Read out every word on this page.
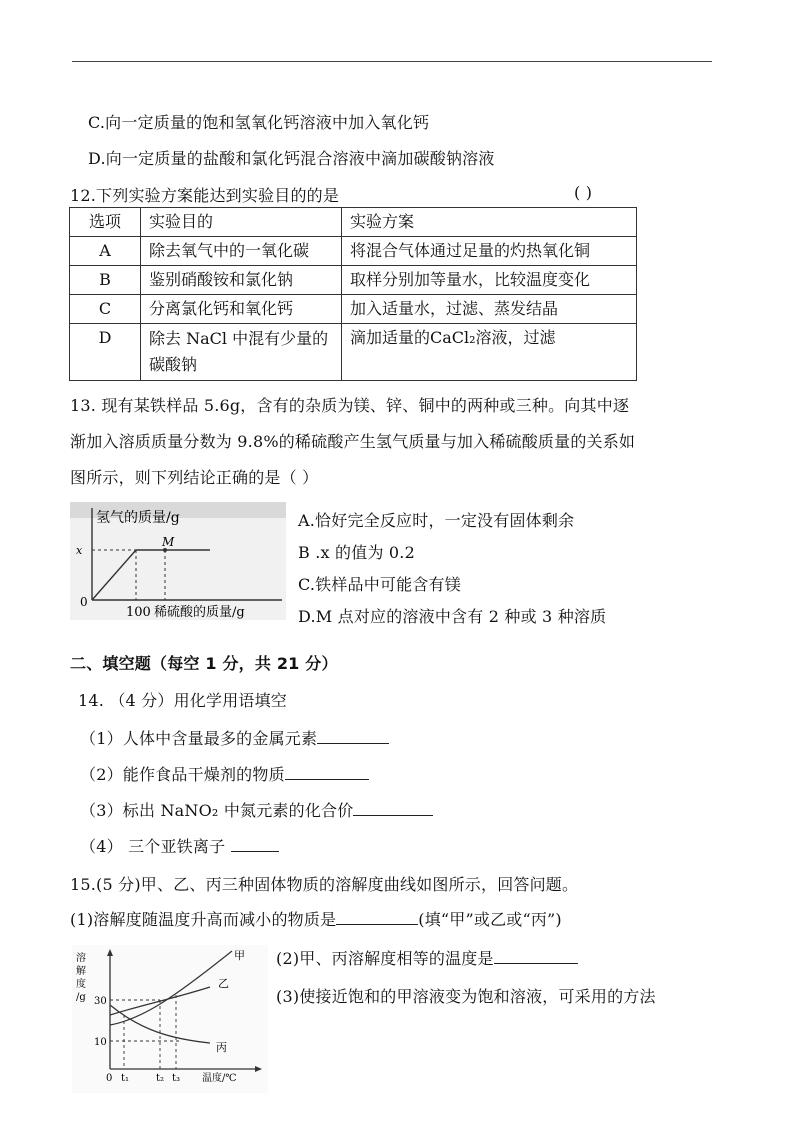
C.向一定质量的饱和氢氧化钙溶液中加入氧化钙
D.向一定质量的盐酸和氯化钙混合溶液中滴加碳酸钠溶液
12.下列实验方案能达到实验目的的是	( )
选项	实验目的	实验方案
A	除去氧气中的一氧化碳	将混合气体通过足量的灼热氧化铜
B	鉴别硝酸铵和氯化钠	取样分别加等量水，比较温度变化
C	分离氯化钙和氧化钙	加入适量水，过滤、蒸发结晶
D	除去 NaCl 中混有少量的碳酸钠	滴加适量的CaCl₂溶液，过滤
13. 现有某铁样品 5.6g，含有的杂质为镁、锌、铜中的两种或三种。向其中逐
渐加入溶质质量分数为 9.8%的稀硫酸产生氢气质量与加入稀硫酸质量的关系如
图所示，则下列结论正确的是（ ）
氢气的质量/g
x
0
M
100 稀硫酸的质量/g
A.恰好完全反应时，一定没有固体剩余
B .x 的值为 0.2
C.铁样品中可能含有镁
D.M 点对应的溶液中含有 2 种或 3 种溶质
二、填空题（每空 1 分，共 21 分）
14. （4 分）用化学用语填空
（1）人体中含量最多的金属元素
（2）能作食品干燥剂的物质
（3）标出 NaNO₂ 中氮元素的化合价
（4） 三个亚铁离子
15.(5 分)甲、乙、丙三种固体物质的溶解度曲线如图所示，回答问题。
(1)溶解度随温度升高而减小的物质是	(填“甲”或乙或“丙”)
溶
解
度
/g 30
10
0 t₁	t₂ t₃ 温度/℃
甲
乙
丙
(2)甲、丙溶解度相等的温度是
(3)使接近饱和的甲溶液变为饱和溶液，可采用的方法
